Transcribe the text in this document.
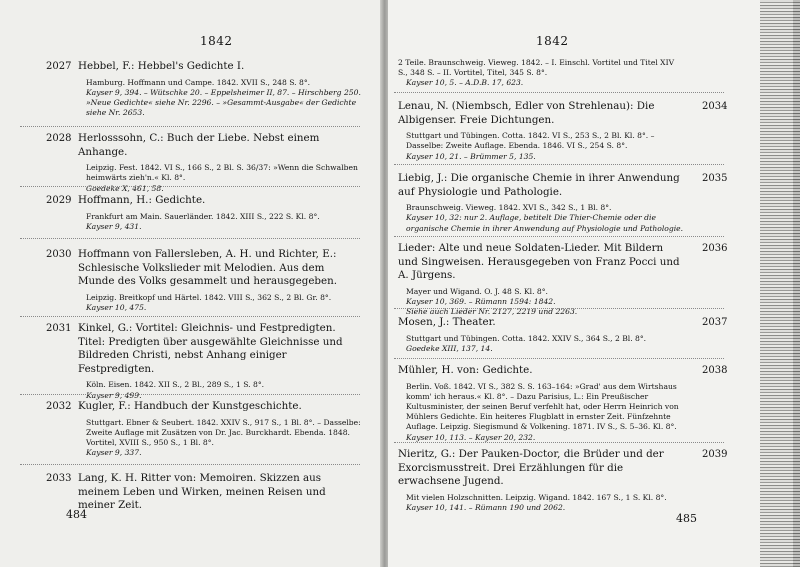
1842
2027 Hebbel, F.: Hebbel's Gedichte I.
Hamburg. Hoffmann und Campe. 1842. XVII S., 248 S. 8°.
Kayser 9, 394. – Wütschke 20. – Eppelsheimer II, 87. – Hirschberg 250.
»Neue Gedichte« siehe Nr. 2296. – »Gesammt-Ausgabe« der Gedichte siehe Nr. 2653.
2028 Herlosssohn, C.: Buch der Liebe. Nebst einem Anhange.
Leipzig. Fest. 1842. VI S., 166 S., 2 Bl. S. 36/37: »Wenn die Schwalben heimwärts zieh'n.« Kl. 8°.
Goedeke X, 461, 58.
2029 Hoffmann, H.: Gedichte.
Frankfurt am Main. Sauerländer. 1842. XIII S., 222 S. Kl. 8°.
Kayser 9, 431.
2030 Hoffmann von Fallersleben, A. H. und Richter, E.: Schlesische Volkslieder mit Melodien. Aus dem Munde des Volks gesammelt und herausgegeben.
Leipzig. Breitkopf und Härtel. 1842. VIII S., 362 S., 2 Bl. Gr. 8°.
Kayser 10, 475.
2031 Kinkel, G.: Vortitel: Gleichnis- und Festpredigten. Titel: Predigten über ausgewählte Gleichnisse und Bildreden Christi, nebst Anhang einiger Festpredigten.
Köln. Eisen. 1842. XII S., 2 Bl., 289 S., 1 S. 8°.
Kayser 9, 499.
2032 Kugler, F.: Handbuch der Kunstgeschichte.
Stuttgart. Ebner & Seubert. 1842. XXIV S., 917 S., 1 Bl. 8°. – Dasselbe: Zweite Auflage mit Zusätzen von Dr. Jac. Burckhardt. Ebenda. 1848. Vortitel, XVIII S., 950 S., 1 Bl. 8°.
Kayser 9, 337.
2033 Lang, K. H. Ritter von: Memoiren. Skizzen aus meinem Leben und Wirken, meinen Reisen und meiner Zeit.
484
1842
2 Teile. Braunschweig. Vieweg. 1842. – I. Einschl. Vortitel und Titel XIV S., 348 S. – II. Vortitel, Titel, 345 S. 8°.
Kayser 10, 5. – A.D.B. 17, 623.
2034
Lenau, N. (Niembsch, Edler von Strehlenau): Die Albigenser. Freie Dichtungen.
Stuttgart und Tübingen. Cotta. 1842. VI S., 253 S., 2 Bl. Kl. 8°. – Dasselbe: Zweite Auflage. Ebenda. 1846. VI S., 254 S. 8°.
Kayser 10, 21. – Brümmer 5, 135.
2035
Liebig, J.: Die organische Chemie in ihrer Anwendung auf Physiologie und Pathologie.
Braunschweig. Vieweg. 1842. XVI S., 342 S., 1 Bl. 8°.
Kayser 10, 32: nur 2. Auflage, betitelt Die Thier-Chemie oder die organische Chemie in ihrer Anwendung auf Physiologie und Pathologie.
2036
Lieder: Alte und neue Soldaten-Lieder. Mit Bildern und Singweisen. Herausgegeben von Franz Pocci und A. Jürgens.
Mayer und Wigand. O. J. 48 S. Kl. 8°.
Kayser 10, 369. – Rümann 1594: 1842.
Siehe auch Lieder Nr. 2127, 2219 und 2263.
2037
Mosen, J.: Theater.
Stuttgart und Tübingen. Cotta. 1842. XXIV S., 364 S., 2 Bl. 8°.
Goedeke XIII, 137, 14.
2038
Mühler, H. von: Gedichte.
Berlin. Voß. 1842. VI S., 382 S. S. 163–164: »Grad' aus dem Wirtshaus komm' ich heraus.« Kl. 8°. – Dazu Parisius, L.: Ein Preußischer Kultusminister, der seinen Beruf verfehlt hat, oder Herrn Heinrich von Mühlers Gedichte. Ein heiteres Flugblatt in ernster Zeit. Fünfzehnte Auflage. Leipzig. Siegismund & Volkening. 1871. IV S., S. 5–36. Kl. 8°.
Kayser 10, 113. – Kayser 20, 232.
2039
Nieritz, G.: Der Pauken-Doctor, die Brüder und der Exorcismusstreit. Drei Erzählungen für die erwachsene Jugend.
Mit vielen Holzschnitten. Leipzig. Wigand. 1842. 167 S., 1 S. Kl. 8°.
Kayser 10, 141. – Rümann 190 und 2062.
485
